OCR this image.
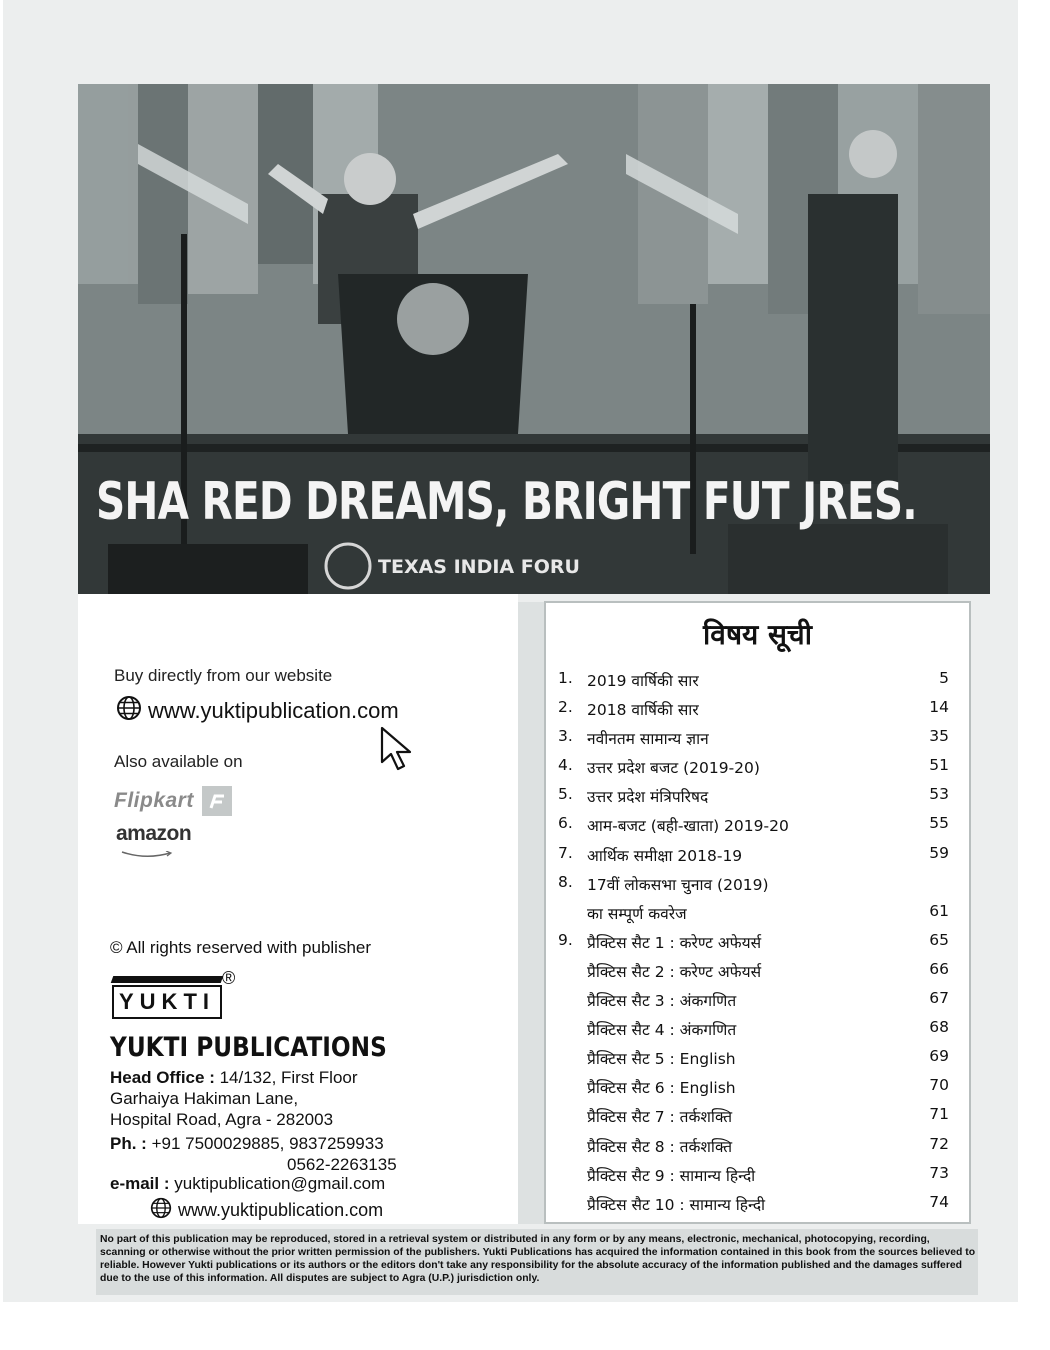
SHA RED DREAMS, BRIGHT FUT JRES.
TEXAS INDIA FORU
Buy directly from our website
www.yuktipublication.com
Also available on
Flipkart
amazon
© All rights reserved with publisher
YUKTI
®
YUKTI PUBLICATIONS
Head Office : 14/132, First Floor
Garhaiya Hakiman Lane,
Hospital Road, Agra - 282003
Ph. : +91 7500029885, 9837259933
0562-2263135
e-mail : yuktipublication@gmail.com
www.yuktipublication.com
विषय सूची
1. 2019 वार्षिकी सार	5
2. 2018 वार्षिकी सार	14
3. नवीनतम सामान्य ज्ञान	35
4. उत्तर प्रदेश बजट (2019-20)	51
5. उत्तर प्रदेश मंत्रिपरिषद	53
6. आम-बजट (बही-खाता) 2019-20	55
7. आर्थिक समीक्षा 2018-19	59
8. 17वीं लोकसभा चुनाव (2019)
का सम्पूर्ण कवरेज	61
9. प्रैक्टिस सैट 1 : करेण्ट अफेयर्स	65
प्रैक्टिस सैट 2 : करेण्ट अफेयर्स	66
प्रैक्टिस सैट 3 : अंकगणित	67
प्रैक्टिस सैट 4 : अंकगणित	68
प्रैक्टिस सैट 5 : English	69
प्रैक्टिस सैट 6 : English	70
प्रैक्टिस सैट 7 : तर्कशक्ति	71
प्रैक्टिस सैट 8 : तर्कशक्ति	72
प्रैक्टिस सैट 9 : सामान्य हिन्दी	73
प्रैक्टिस सैट 10 : सामान्य हिन्दी	74
No part of this publication may be reproduced, stored in a retrieval system or distributed in any form or by any means, electronic, mechanical, photocopying, recording, scanning or otherwise without the prior written permission of the publishers. Yukti Publications has acquired the information contained in this book from the sources believed to reliable. However Yukti publications or its authors or the editors don't take any responsibility for the absolute accuracy of the information published and the damages suffered due to the use of this information. All disputes are subject to Agra (U.P.) jurisdiction only.
